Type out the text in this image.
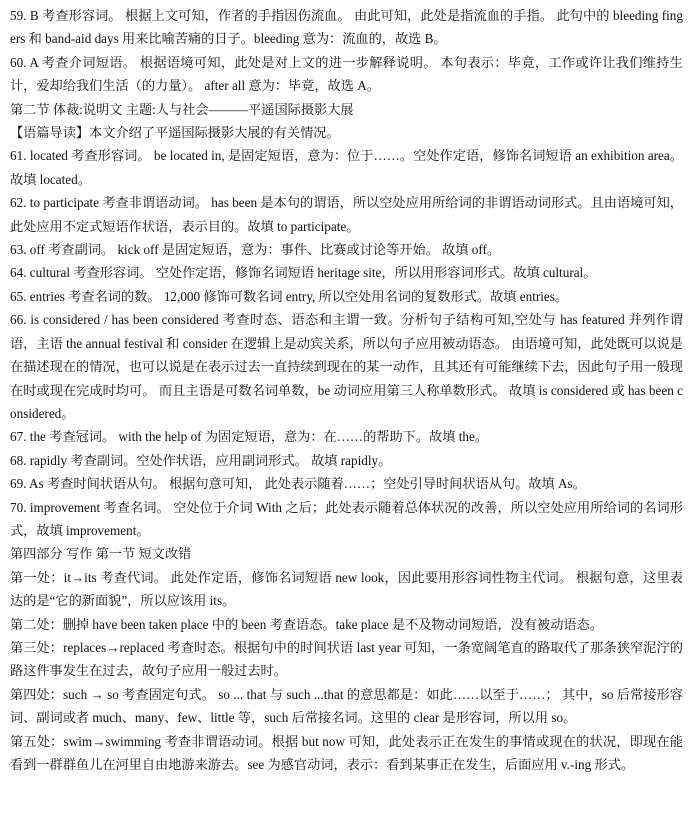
59. B 考查形容词。 根据上文可知，作者的手指因伤流血。 由此可知，此处是指流血的手指。 此句中的 bleeding fingers 和 band-aid days 用来比喻苦痛的日子。bleeding 意为：流血的，故选 B。

60. A 考查介词短语。 根据语境可知，此处是对上文的进一步解释说明。 本句表示：毕竟，工作或许让我们维持生计，爱却给我们生活（的力量）。 after all 意为：毕竟，故选 A。

第二节 体裁:说明文 主题:人与社会———平遥国际摄影大展

【语篇导读】本文介绍了平遥国际摄影大展的有关情况。

61. located 考查形容词。 be located in, 是固定短语，意为：位于……。空处作定语，修饰名词短语 an exhibition area。 故填 located。

62. to participate 考查非谓语动词。 has been 是本句的谓语，所以空处应用所给词的非谓语动词形式。且由语境可知，此处应用不定式短语作状语，表示目的。故填 to participate。

63. off 考查副词。 kick off 是固定短语，意为：事件、比赛或讨论等开始。 故填 off。

64. cultural 考查形容词。 空处作定语，修饰名词短语 heritage site，所以用形容词形式。故填 cultural。

65. entries 考查名词的数。 12,000 修饰可数名词 entry, 所以空处用名词的复数形式。故填 entries。

66. is considered / has been considered 考查时态、语态和主谓一致。分析句子结构可知,空处与 has featured 并列作谓语，主语 the annual festival 和 consider 在逻辑上是动宾关系，所以句子应用被动语态。 由语境可知，此处既可以说是在描述现在的情况，也可以说是在表示过去一直持续到现在的某一动作，且其还有可能继续下去，因此句子用一般现在时或现在完成时均可。 而且主语是可数名词单数，be 动词应用第三人称单数形式。 故填 is considered 或 has been considered。

67. the 考查冠词。 with the help of 为固定短语，意为：在……的帮助下。故填 the。

68. rapidly 考查副词。空处作状语，应用副词形式。 故填 rapidly。

69. As 考查时间状语从句。 根据句意可知， 此处表示随着……；空处引导时间状语从句。故填 As。

70. improvement 考查名词。 空处位于介词 With 之后；此处表示随着总体状况的改善，所以空处应用所给词的名词形式，故填 improvement。

第四部分 写作 第一节 短文改错

第一处：it→its 考查代词。 此处作定语，修饰名词短语 new look，因此要用形容词性物主代词。 根据句意，这里表达的是“它的新面貌”，所以应该用 its。

第二处：删掉 have been taken place 中的 been 考查语态。take place 是不及物动词短语，没有被动语态。

第三处：replaces→replaced 考查时态。根据句中的时间状语 last year 可知，一条宽阔笔直的路取代了那条狭窄泥泞的路这件事发生在过去，故句子应用一般过去时。

第四处：such → so 考查固定句式。 so ... that 与 such ...that 的意思都是：如此……以至于……； 其中，so 后常接形容词、副词或者 much、many、few、little 等，such 后常接名词。这里的 clear 是形容词，所以用 so。

第五处：swim→swimming 考查非谓语动词。根据 but now 可知，此处表示正在发生的事情或现在的状况，即现在能看到一群群鱼儿在河里自由地游来游去。see 为感官动词，表示：看到某事正在发生，后面应用 v.-ing 形式。
